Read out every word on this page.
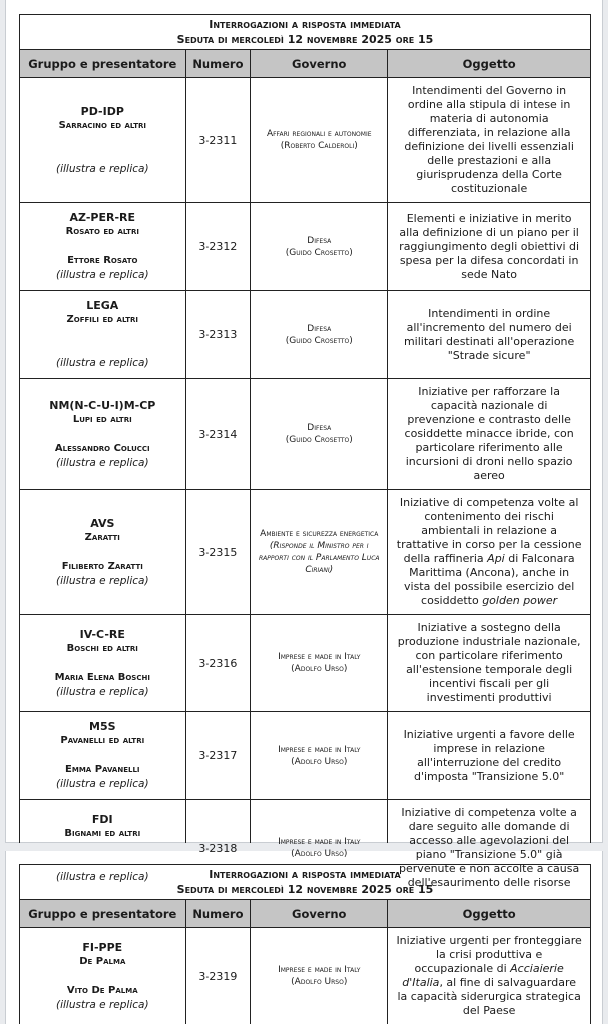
Interrogazioni a risposta immediata
Seduta di mercoledì 12 novembre 2025 ore 15			

Gruppo e presentatore	Numero	Governo	Oggetto

PD-IDP
Sarracino ed altri
(illustra e replica)
	3-2311	Affari regionali e autonomie
(Roberto Calderoli)
	Intendimenti del Governo in ordine alla stipula di intese in materia di autonomia differenziata, in relazione alla definizione dei livelli essenziali delle prestazioni e alla giurisprudenza della Corte costituzionale

AZ-PER-RE
Rosato ed altri
Ettore Rosato
(illustra e replica)
	3-2312	Difesa
(Guido Crosetto)
	Elementi e iniziative in merito alla definizione di un piano per il raggiungimento degli obiettivi di spesa per la difesa concordati in sede Nato

LEGA
Zoffili ed altri
(illustra e replica)
	3-2313	Difesa
(Guido Crosetto)
	Intendimenti in ordine all'incremento del numero dei militari destinati all'operazione "Strade sicure"

NM(N-C-U-I)M-CP
Lupi ed altri
Alessandro Colucci
(illustra e replica)
	3-2314	Difesa
(Guido Crosetto)
	Iniziative per rafforzare la capacità nazionale di prevenzione e contrasto delle cosiddette minacce ibride, con particolare riferimento alle incursioni di droni nello spazio aereo

AVS
Zaratti
Filiberto Zaratti
(illustra e replica)
	3-2315	
Ambiente e sicurezza energetica
(Risponde il Ministro per i rapporti con il Parlamento Luca Ciriani)
	Iniziative di competenza volte al contenimento dei rischi ambientali in relazione a trattative in corso per la cessione della raffineria Api di Falconara Marittima (Ancona), anche in vista del possibile esercizio del cosiddetto golden power

IV-C-RE
Boschi ed altri
Maria Elena Boschi
(illustra e replica)
	3-2316	Imprese e made in Italy
(Adolfo Urso)
	Iniziative a sostegno della produzione industriale nazionale, con particolare riferimento all'estensione temporale degli incentivi fiscali per gli investimenti produttivi

M5S
Pavanelli ed altri
Emma Pavanelli
(illustra e replica)
	3-2317	Imprese e made in Italy
(Adolfo Urso)
	Iniziative urgenti a favore delle imprese in relazione all'interruzione del credito d'imposta "Transizione 5.0"

FDI
Bignami ed altri
(illustra e replica)
	3-2318	Imprese e made in Italy
(Adolfo Urso)
	Iniziative di competenza volte a dare seguito alle domande di accesso alle agevolazioni del piano "Transizione 5.0" già pervenute e non accolte a causa dell'esaurimento delle risorse
Interrogazioni a risposta immediata
Seduta di mercoledì 12 novembre 2025 ore 15			

Gruppo e presentatore	Numero	Governo	Oggetto

FI-PPE
De Palma
Vito De Palma
(illustra e replica)
	3-2319	Imprese e made in Italy
(Adolfo Urso)
	Iniziative urgenti per fronteggiare la crisi produttiva e occupazionale di Acciaierie d'Italia, al fine di salvaguardare la capacità siderurgica strategica del Paese
